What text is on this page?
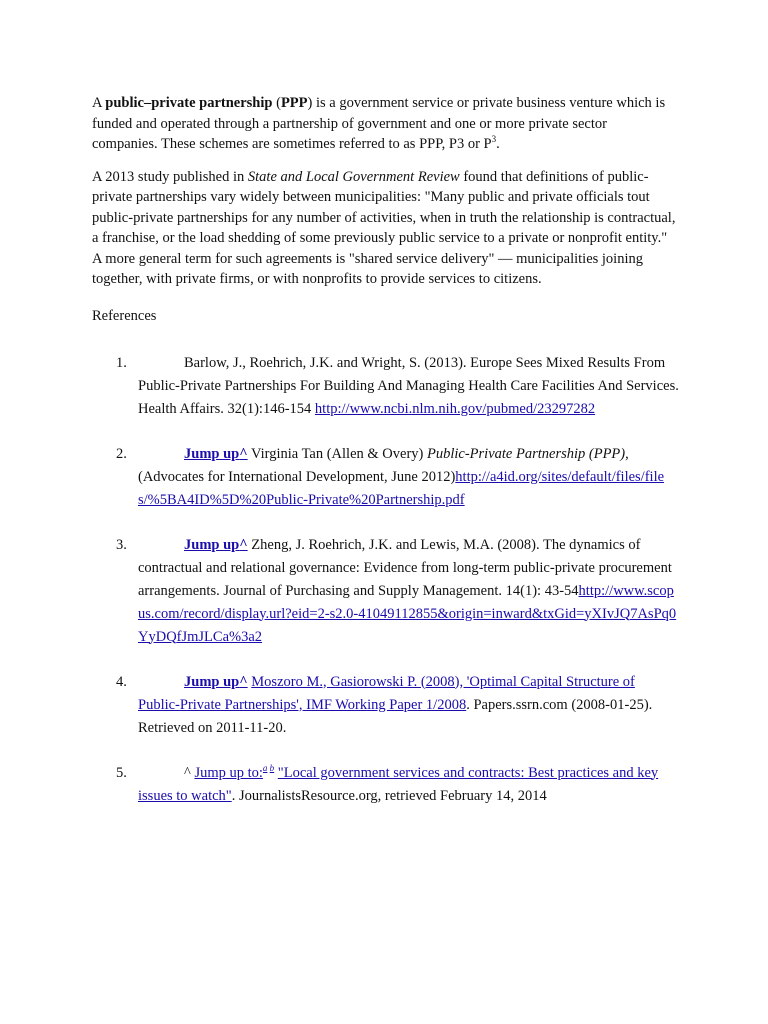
A public–private partnership (PPP) is a government service or private business venture which is funded and operated through a partnership of government and one or more private sector companies. These schemes are sometimes referred to as PPP, P3 or $P^3$.

A 2013 study published in State and Local Government Review found that definitions of public-private partnerships vary widely between municipalities: "Many public and private officials tout public-private partnerships for any number of activities, when in truth the relationship is contractual, a franchise, or the load shedding of some previously public service to a private or nonprofit entity." A more general term for such agreements is "shared service delivery" — municipalities joining together, with private firms, or with nonprofits to provide services to citizens.

References

1.	Barlow, J., Roehrich, J.K. and Wright, S. (2013). Europe Sees Mixed Results From Public-Private Partnerships For Building And Managing Health Care Facilities And Services. Health Affairs. 32(1):146-154 http://www.ncbi.nlm.nih.gov/pubmed/23297282
2.	Jump up^ Virginia Tan (Allen & Overy) Public-Private Partnership (PPP), (Advocates for International Development, June 2012)http://a4id.org/sites/default/files/files/%5BA4ID%5D%20Public-Private%20Partnership.pdf
3.	Jump up^ Zheng, J. Roehrich, J.K. and Lewis, M.A. (2008). The dynamics of contractual and relational governance: Evidence from long-term public-private procurement arrangements. Journal of Purchasing and Supply Management. 14(1): 43-54http://www.scopus.com/record/display.url?eid=2-s2.0-41049112855&origin=inward&txGid=yXIvJQ7AsPq0YyDQfJmJLCa%3a2
4.	Jump up^ Moszoro M., Gasiorowski P. (2008), 'Optimal Capital Structure of Public-Private Partnerships', IMF Working Paper 1/2008. Papers.ssrn.com (2008-01-25). Retrieved on 2011-11-20.
5.	^ Jump up to:$^{a b}$ "Local government services and contracts: Best practices and key issues to watch". JournalistsResource.org, retrieved February 14, 2014
